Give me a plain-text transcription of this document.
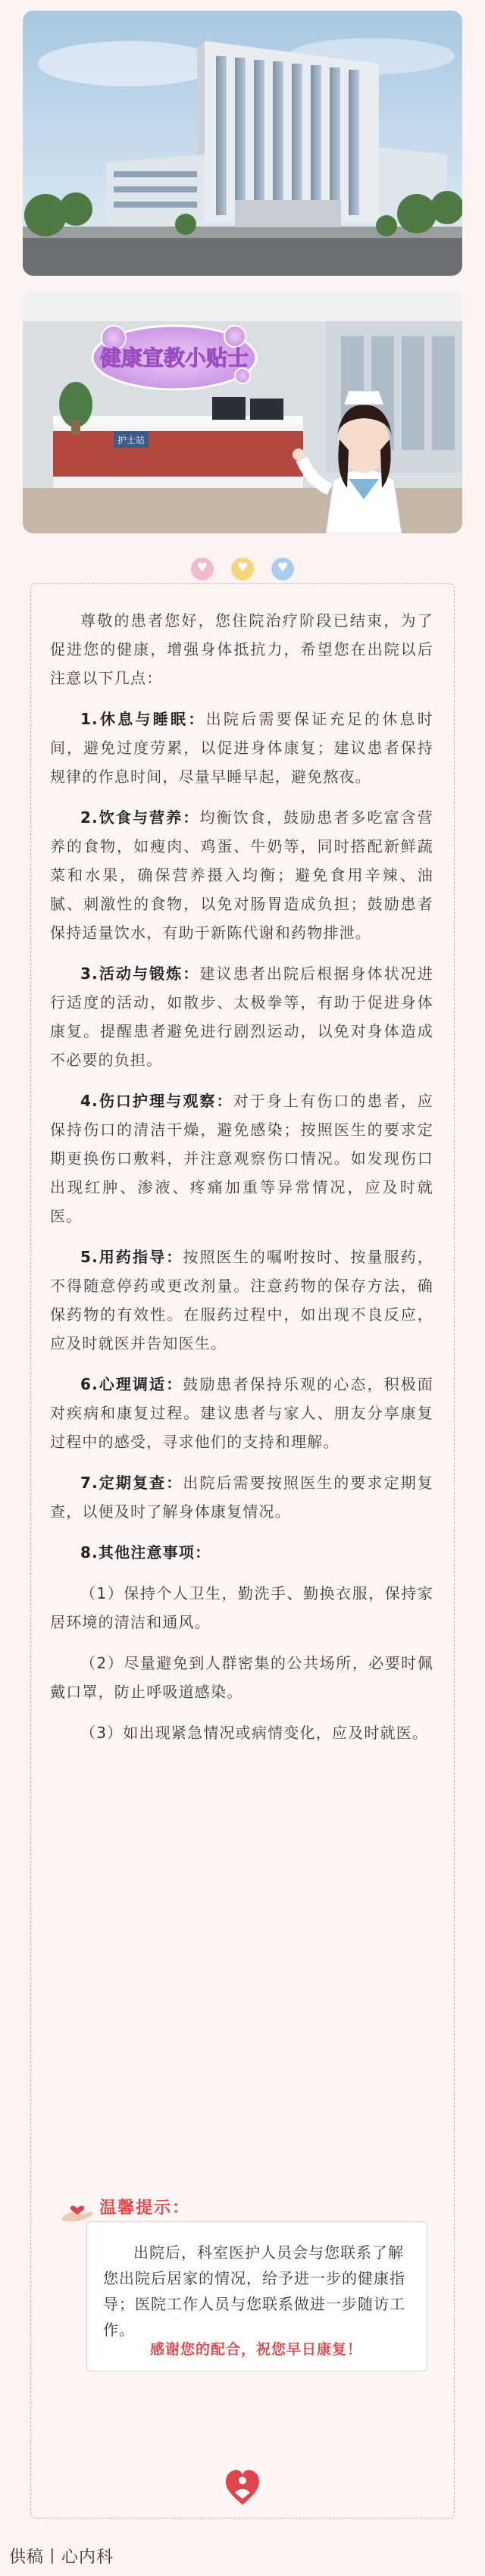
护士站
健康宣教小贴士
♥ ♥ ♥

尊敬的患者您好，您住院治疗阶段已结束，为了促进您的健康，增强身体抵抗力，希望您在出院以后注意以下几点：

1.休息与睡眠：出院后需要保证充足的休息时间，避免过度劳累，以促进身体康复；建议患者保持规律的作息时间，尽量早睡早起，避免熬夜。

2.饮食与营养：均衡饮食，鼓励患者多吃富含营养的食物，如瘦肉、鸡蛋、牛奶等，同时搭配新鲜蔬菜和水果，确保营养摄入均衡；避免食用辛辣、油腻、刺激性的食物，以免对肠胃造成负担；鼓励患者保持适量饮水，有助于新陈代谢和药物排泄。

3.活动与锻炼：建议患者出院后根据身体状况进行适度的活动，如散步、太极拳等，有助于促进身体康复。提醒患者避免进行剧烈运动，以免对身体造成不必要的负担。

4.伤口护理与观察：对于身上有伤口的患者，应保持伤口的清洁干燥，避免感染；按照医生的要求定期更换伤口敷料，并注意观察伤口情况。如发现伤口出现红肿、渗液、疼痛加重等异常情况，应及时就医。

5.用药指导：按照医生的嘱咐按时、按量服药，不得随意停药或更改剂量。注意药物的保存方法，确保药物的有效性。在服药过程中，如出现不良反应，应及时就医并告知医生。

6.心理调适：鼓励患者保持乐观的心态，积极面对疾病和康复过程。建议患者与家人、朋友分享康复过程中的感受，寻求他们的支持和理解。

7.定期复查：出院后需要按照医生的要求定期复查，以便及时了解身体康复情况。

8.其他注意事项：

（1）保持个人卫生，勤洗手、勤换衣服，保持家居环境的清洁和通风。

（2）尽量避免到人群密集的公共场所，必要时佩戴口罩，防止呼吸道感染。

（3）如出现紧急情况或病情变化，应及时就医。

温馨提示：
出院后，科室医护人员会与您联系了解您出院后居家的情况，给予进一步的健康指导；医院工作人员与您联系做进一步随访工作。
感谢您的配合，祝您早日康复！
供稿丨心内科
